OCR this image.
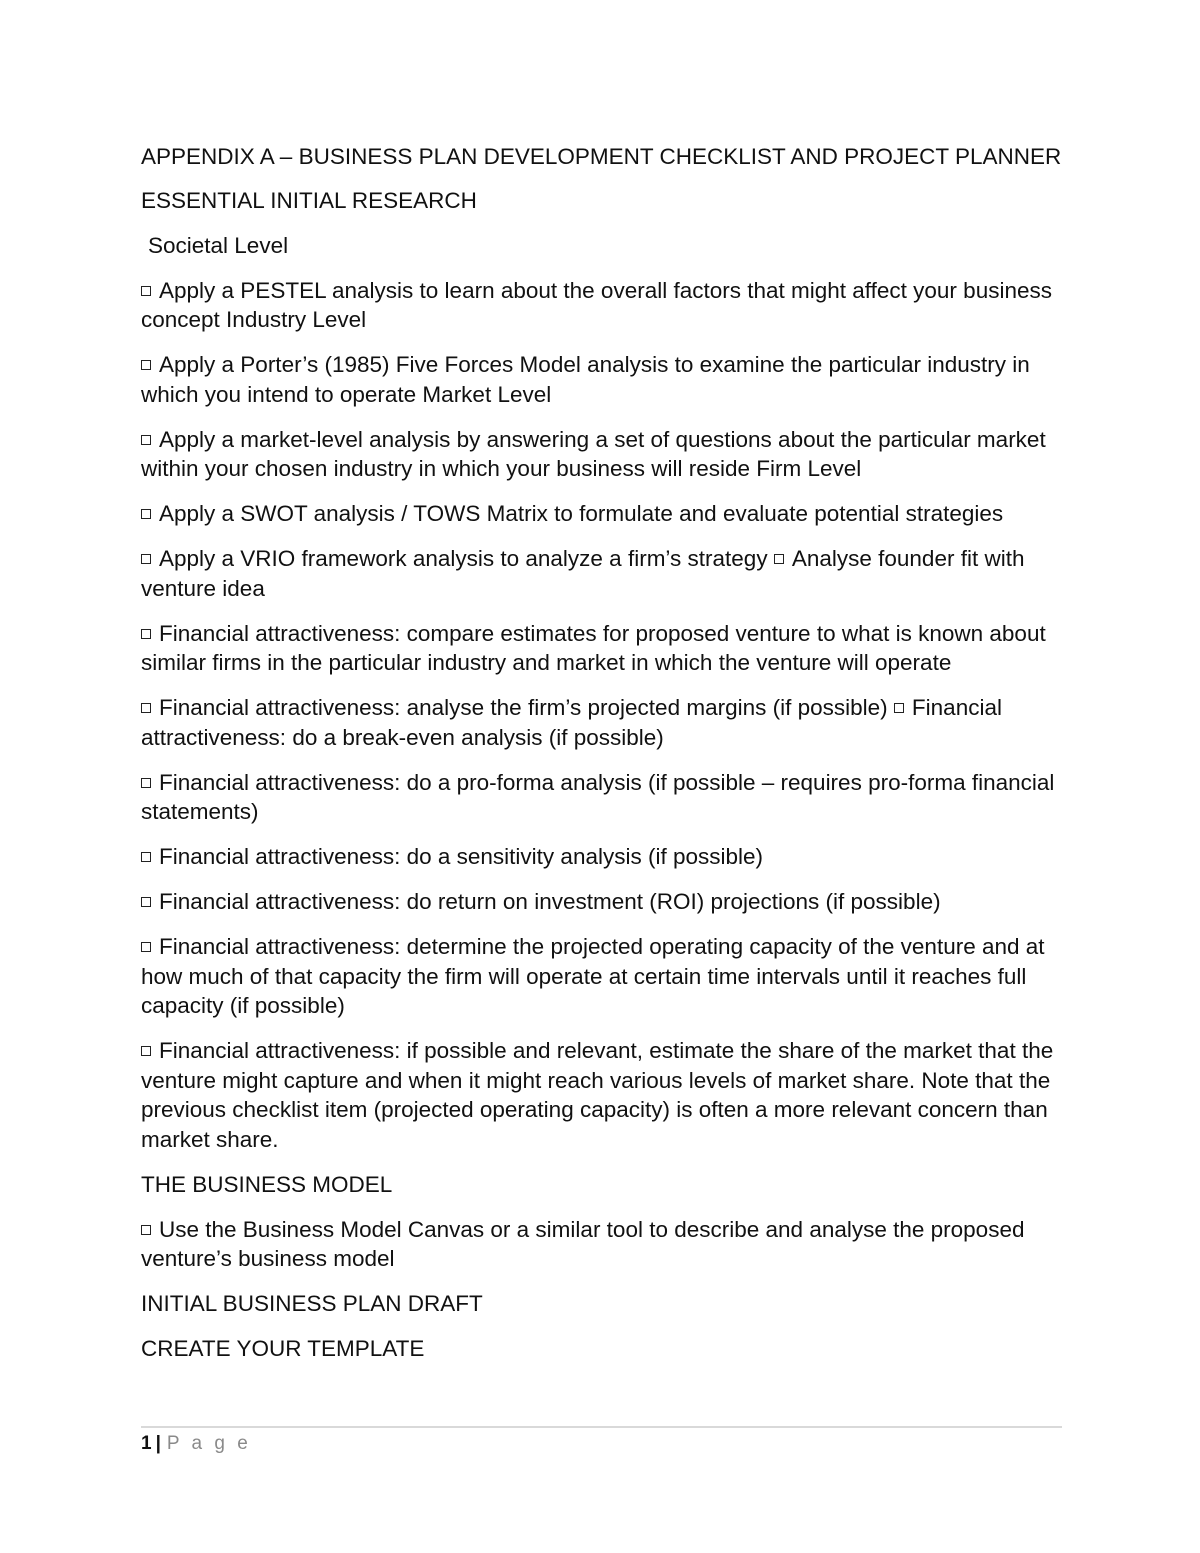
APPENDIX A – BUSINESS PLAN DEVELOPMENT CHECKLIST AND PROJECT PLANNER

ESSENTIAL INITIAL RESEARCH

Societal Level

Apply a PESTEL analysis to learn about the overall factors that might affect your business concept Industry Level

Apply a Porter’s (1985) Five Forces Model analysis to examine the particular industry in which you intend to operate Market Level

Apply a market-level analysis by answering a set of questions about the particular market within your chosen industry in which your business will reside Firm Level

Apply a SWOT analysis / TOWS Matrix to formulate and evaluate potential strategies

Apply a VRIO framework analysis to analyze a firm’s strategy Analyse founder fit with venture idea

Financial attractiveness: compare estimates for proposed venture to what is known about similar firms in the particular industry and market in which the venture will operate

Financial attractiveness: analyse the firm’s projected margins (if possible) Financial attractiveness: do a break-even analysis (if possible)

Financial attractiveness: do a pro-forma analysis (if possible – requires pro-forma financial statements)

Financial attractiveness: do a sensitivity analysis (if possible)

Financial attractiveness: do return on investment (ROI) projections (if possible)

Financial attractiveness: determine the projected operating capacity of the venture and at how much of that capacity the firm will operate at certain time intervals until it reaches full capacity (if possible)

Financial attractiveness: if possible and relevant, estimate the share of the market that the venture might capture and when it might reach various levels of market share. Note that the previous checklist item (projected operating capacity) is often a more relevant concern than market share.

THE BUSINESS MODEL

Use the Business Model Canvas or a similar tool to describe and analyse the proposed venture’s business model

INITIAL BUSINESS PLAN DRAFT

CREATE YOUR TEMPLATE

1 | P a g e
